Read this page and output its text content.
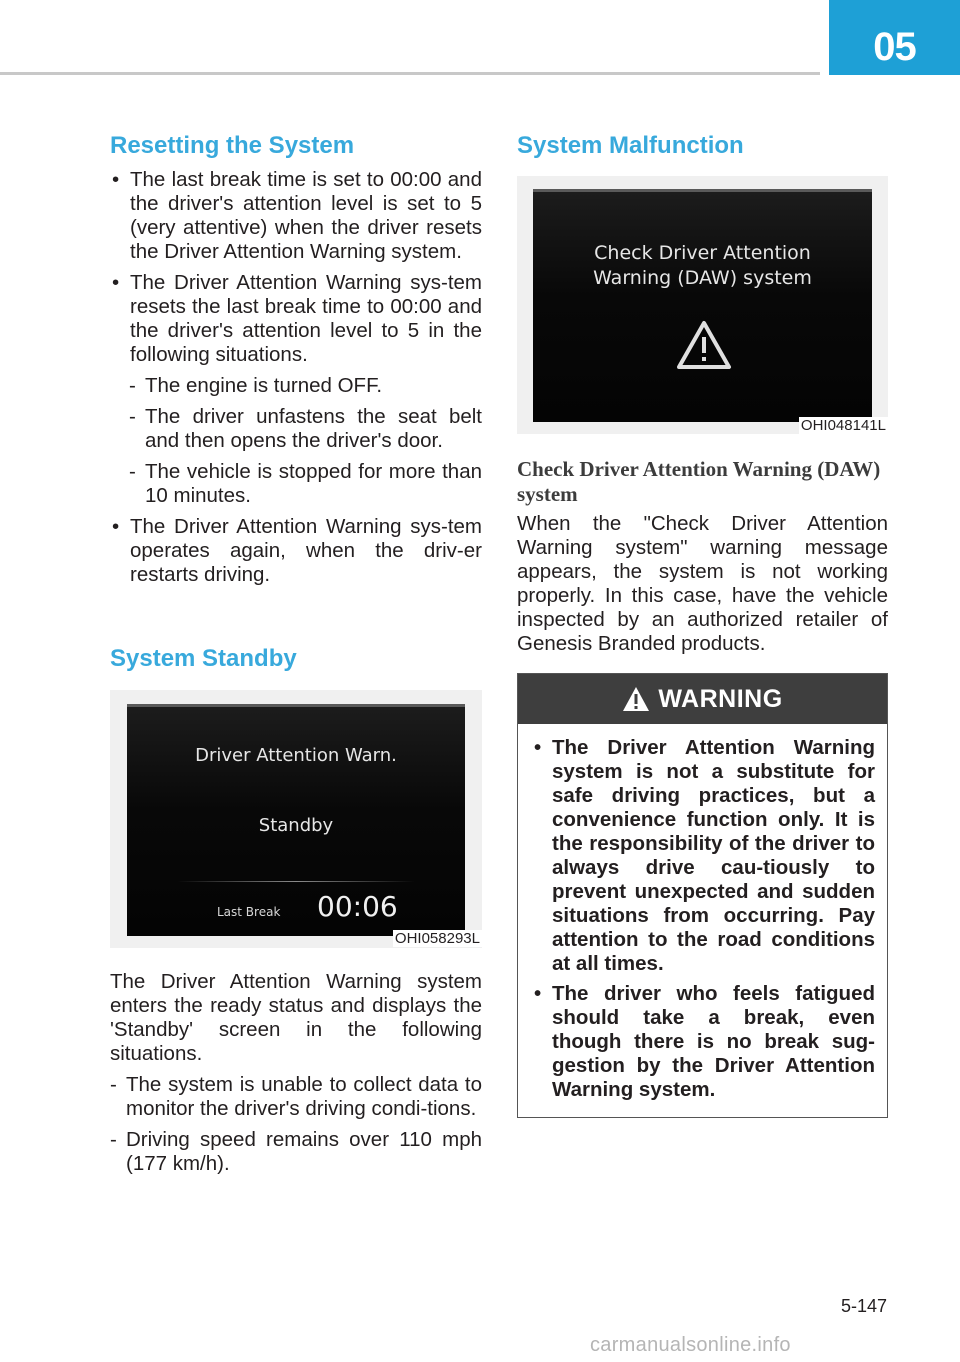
05
Resetting the System
• The last break time is set to 00:00 and the driver's attention level is set to 5 (very attentive) when the driver resets the Driver Attention Warning system.
• The Driver Attention Warning sys-tem resets the last break time to 00:00 and the driver's attention level to 5 in the following situations.
- The engine is turned OFF.
- The driver unfastens the seat belt and then opens the driver's door.
- The vehicle is stopped for more than 10 minutes.
• The Driver Attention Warning sys-tem operates again, when the driv-er restarts driving.
System Standby
Driver Attention Warn.
Standby
Last Break 00:06
OHI058293L
The Driver Attention Warning system enters the ready status and displays the 'Standby' screen in the following situations.
- The system is unable to collect data to monitor the driver's driving condi-tions.
- Driving speed remains over 110 mph (177 km/h).
System Malfunction
Check Driver Attention
Warning (DAW) system
OHI048141L
Check Driver Attention Warning (DAW) system
When the "Check Driver Attention Warning system" warning message appears, the system is not working properly. In this case, have the vehicle inspected by an authorized retailer of Genesis Branded products.
WARNING
• The Driver Attention Warning system is not a substitute for safe driving practices, but a convenience function only. It is the responsibility of the driver to always drive cau-tiously to prevent unexpected and sudden situations from occurring. Pay attention to the road conditions at all times.
• The driver who feels fatigued should take a break, even though there is no break sug-gestion by the Driver Attention Warning system.
5-147
carmanualsonline.info
